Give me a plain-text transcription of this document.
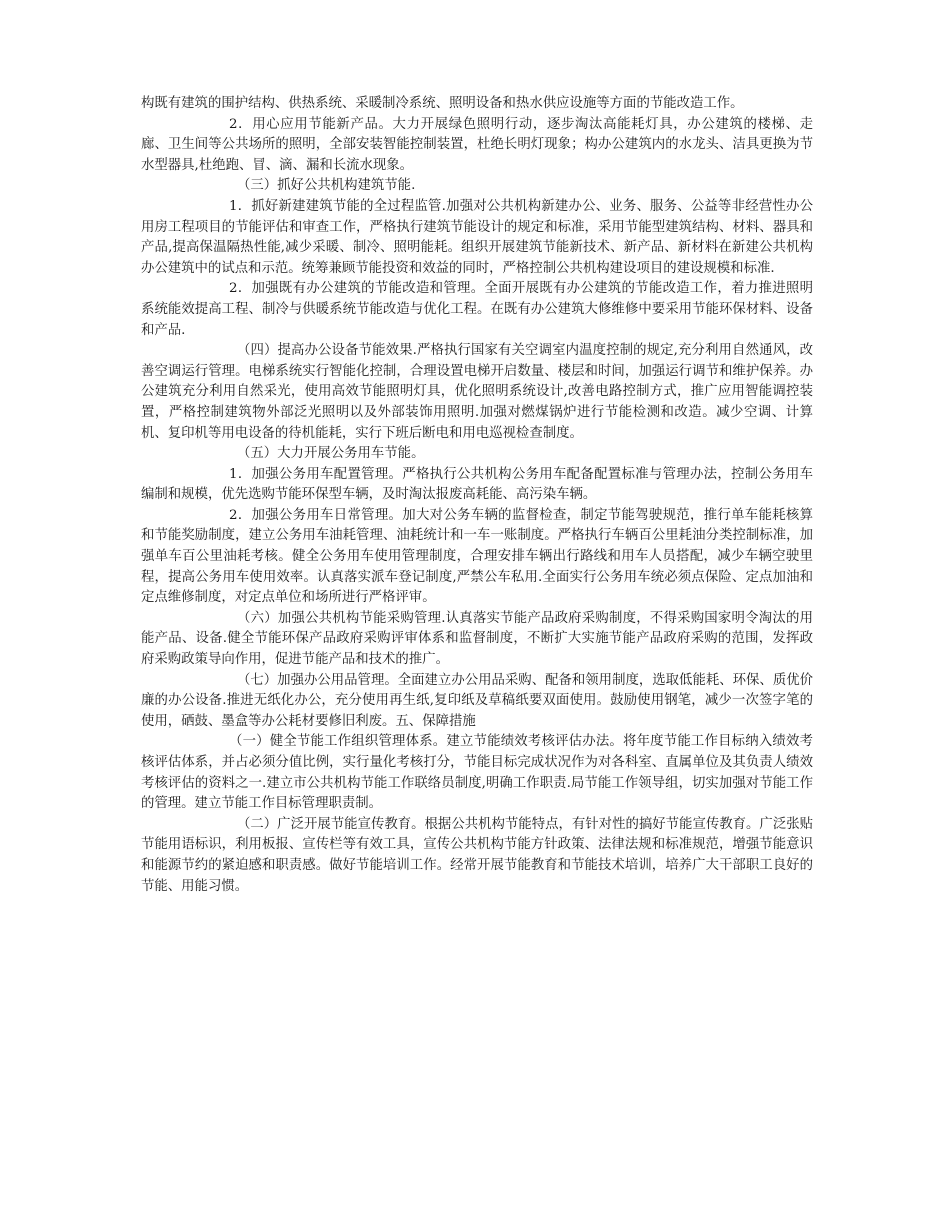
构既有建筑的围护结构、供热系统、采暖制冷系统、照明设备和热水供应设施等方面的节能改造工作。

2．用心应用节能新产品。大力开展绿色照明行动，逐步淘汰高能耗灯具，办公建筑的楼梯、走廊、卫生间等公共场所的照明，全部安装智能控制装置，杜绝长明灯现象；构办公建筑内的水龙头、洁具更换为节水型器具,杜绝跑、冒、滴、漏和长流水现象。

（三）抓好公共机构建筑节能.

1．抓好新建建筑节能的全过程监管.加强对公共机构新建办公、业务、服务、公益等非经营性办公用房工程项目的节能评估和审查工作，严格执行建筑节能设计的规定和标准，采用节能型建筑结构、材料、器具和产品,提高保温隔热性能,减少采暖、制冷、照明能耗。组织开展建筑节能新技术、新产品、新材料在新建公共机构办公建筑中的试点和示范。统筹兼顾节能投资和效益的同时，严格控制公共机构建设项目的建设规模和标准.

2．加强既有办公建筑的节能改造和管理。全面开展既有办公建筑的节能改造工作，着力推进照明系统能效提高工程、制冷与供暖系统节能改造与优化工程。在既有办公建筑大修维修中要采用节能环保材料、设备和产品.

（四）提高办公设备节能效果.严格执行国家有关空调室内温度控制的规定,充分利用自然通风，改善空调运行管理。电梯系统实行智能化控制，合理设置电梯开启数量、楼层和时间，加强运行调节和维护保养。办公建筑充分利用自然采光，使用高效节能照明灯具，优化照明系统设计,改善电路控制方式，推广应用智能调控装置，严格控制建筑物外部泛光照明以及外部装饰用照明.加强对燃煤锅炉进行节能检测和改造。减少空调、计算机、复印机等用电设备的待机能耗，实行下班后断电和用电巡视检查制度。

（五）大力开展公务用车节能。

1．加强公务用车配置管理。严格执行公共机构公务用车配备配置标准与管理办法，控制公务用车编制和规模，优先选购节能环保型车辆，及时淘汰报废高耗能、高污染车辆。

2．加强公务用车日常管理。加大对公务车辆的监督检查，制定节能驾驶规范，推行单车能耗核算和节能奖励制度，建立公务用车油耗管理、油耗统计和一车一账制度。严格执行车辆百公里耗油分类控制标准，加强单车百公里油耗考核。健全公务用车使用管理制度，合理安排车辆出行路线和用车人员搭配，减少车辆空驶里程，提高公务用车使用效率。认真落实派车登记制度,严禁公车私用.全面实行公务用车统必须点保险、定点加油和定点维修制度，对定点单位和场所进行严格评审。

（六）加强公共机构节能采购管理.认真落实节能产品政府采购制度，不得采购国家明令淘汰的用能产品、设备.健全节能环保产品政府采购评审体系和监督制度，不断扩大实施节能产品政府采购的范围，发挥政府采购政策导向作用，促进节能产品和技术的推广。

（七）加强办公用品管理。全面建立办公用品采购、配备和领用制度，选取低能耗、环保、质优价廉的办公设备.推进无纸化办公，充分使用再生纸,复印纸及草稿纸要双面使用。鼓励使用钢笔，减少一次签字笔的使用，硒鼓、墨盒等办公耗材要修旧利废。五、保障措施

（一）健全节能工作组织管理体系。建立节能绩效考核评估办法。将年度节能工作目标纳入绩效考核评估体系，并占必须分值比例，实行量化考核打分，节能目标完成状况作为对各科室、直属单位及其负责人绩效考核评估的资料之一.建立市公共机构节能工作联络员制度,明确工作职责.局节能工作领导组，切实加强对节能工作的管理。建立节能工作目标管理职责制。

（二）广泛开展节能宣传教育。根据公共机构节能特点，有针对性的搞好节能宣传教育。广泛张贴节能用语标识，利用板报、宣传栏等有效工具，宣传公共机构节能方针政策、法律法规和标准规范，增强节能意识和能源节约的紧迫感和职责感。做好节能培训工作。经常开展节能教育和节能技术培训，培养广大干部职工良好的节能、用能习惯。
